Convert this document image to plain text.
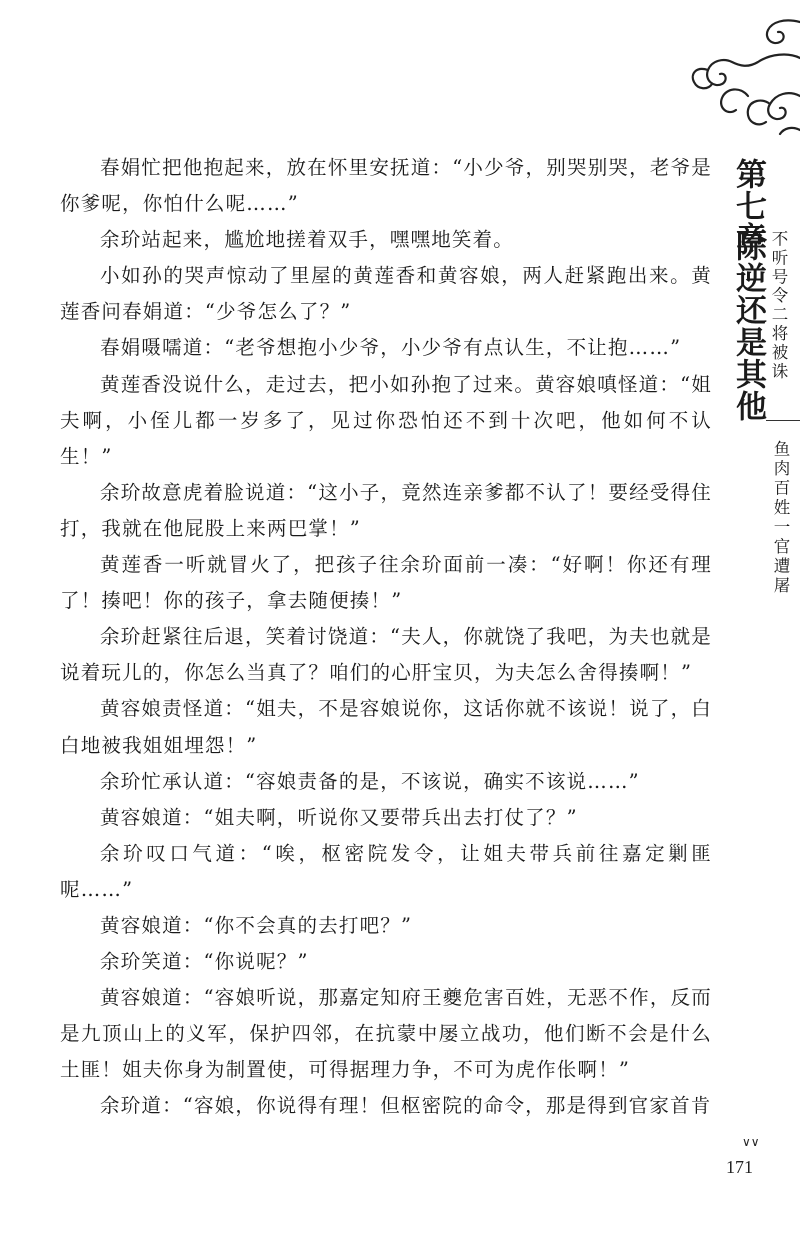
春娟忙把他抱起来，放在怀里安抚道：“小少爷，别哭别哭，老爷是你爹呢，你怕什么呢……”

余玠站起来，尴尬地搓着双手，嘿嘿地笑着。

小如孙的哭声惊动了里屋的黄莲香和黄容娘，两人赶紧跑出来。黄莲香问春娟道：“少爷怎么了？”

春娟嗫嚅道：“老爷想抱小少爷，小少爷有点认生，不让抱……”

黄莲香没说什么，走过去，把小如孙抱了过来。黄容娘嗔怪道：“姐夫啊，小侄儿都一岁多了，见过你恐怕还不到十次吧，他如何不认生！”

余玠故意虎着脸说道：“这小子，竟然连亲爹都不认了！要经受得住打，我就在他屁股上来两巴掌！”

黄莲香一听就冒火了，把孩子往余玠面前一凑：“好啊！你还有理了！揍吧！你的孩子，拿去随便揍！”

余玠赶紧往后退，笑着讨饶道：“夫人，你就饶了我吧，为夫也就是说着玩儿的，你怎么当真了？咱们的心肝宝贝，为夫怎么舍得揍啊！”

黄容娘责怪道：“姐夫，不是容娘说你，这话你就不该说！说了，白白地被我姐姐埋怨！”

余玠忙承认道：“容娘责备的是，不该说，确实不该说……”

黄容娘道：“姐夫啊，听说你又要带兵出去打仗了？”

余玠叹口气道：“唉，枢密院发令，让姐夫带兵前往嘉定剿匪呢……”

黄容娘道：“你不会真的去打吧？”

余玠笑道：“你说呢？”

黄容娘道：“容娘听说，那嘉定知府王夔危害百姓，无恶不作，反而是九顶山上的义军，保护四邻，在抗蒙中屡立战功，他们断不会是什么土匪！姐夫你身为制置使，可得据理力争，不可为虎作伥啊！”

余玠道：“容娘，你说得有理！但枢密院的命令，那是得到官家首肯

第七章
除逆还是其他 不听号令二将被诛
鱼肉百姓一官遭屠
∨∨
171
